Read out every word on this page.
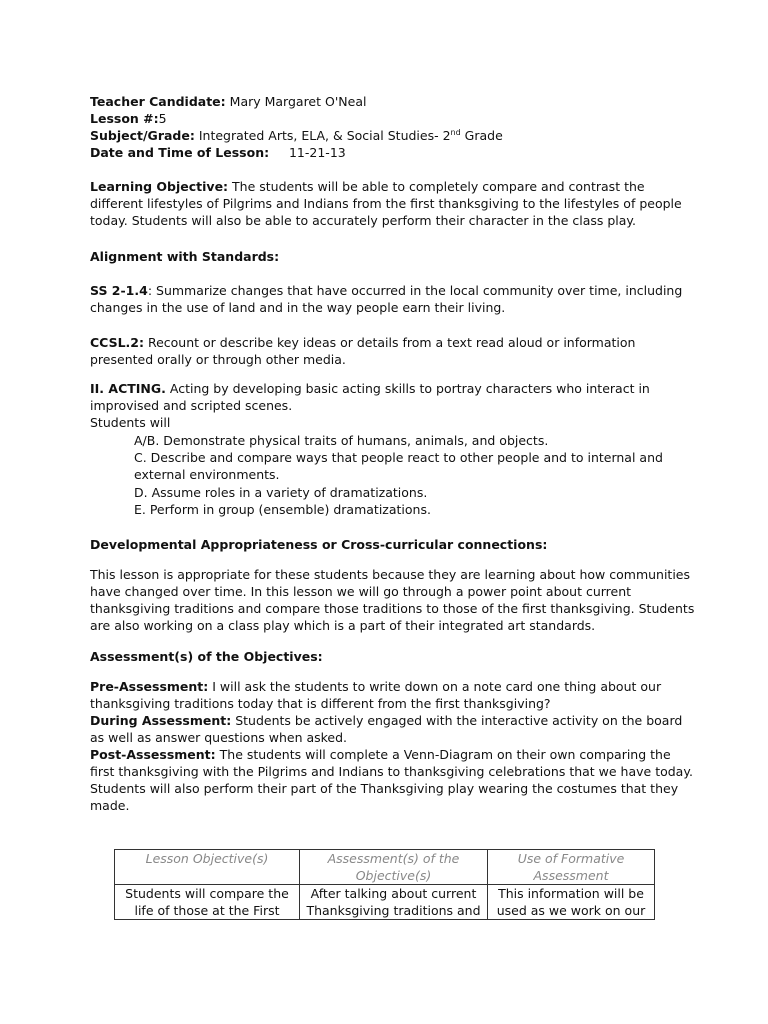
Teacher Candidate: Mary Margaret O'Neal
Lesson #:5
Subject/Grade: Integrated Arts, ELA, & Social Studies- 2nd Grade
Date and Time of Lesson: 11-21-13
Learning Objective: The students will be able to completely compare and contrast the
different lifestyles of Pilgrims and Indians from the first thanksgiving to the lifestyles of people
today. Students will also be able to accurately perform their character in the class play.
Alignment with Standards:
SS 2-1.4: Summarize changes that have occurred in the local community over time, including
changes in the use of land and in the way people earn their living.
CCSL.2: Recount or describe key ideas or details from a text read aloud or information
presented orally or through other media.
II. ACTING. Acting by developing basic acting skills to portray characters who interact in
improvised and scripted scenes.
Students will
A/B. Demonstrate physical traits of humans, animals, and objects.
C. Describe and compare ways that people react to other people and to internal and
external environments.
D. Assume roles in a variety of dramatizations.
E. Perform in group (ensemble) dramatizations.
Developmental Appropriateness or Cross-curricular connections:
This lesson is appropriate for these students because they are learning about how communities
have changed over time. In this lesson we will go through a power point about current
thanksgiving traditions and compare those traditions to those of the first thanksgiving. Students
are also working on a class play which is a part of their integrated art standards.
Assessment(s) of the Objectives:
Pre-Assessment: I will ask the students to write down on a note card one thing about our
thanksgiving traditions today that is different from the first thanksgiving?
During Assessment: Students be actively engaged with the interactive activity on the board
as well as answer questions when asked.
Post-Assessment: The students will complete a Venn-Diagram on their own comparing the
first thanksgiving with the Pilgrims and Indians to thanksgiving celebrations that we have today.
Students will also perform their part of the Thanksgiving play wearing the costumes that they
made.
Lesson Objective(s)	Assessment(s) of the Objective(s)	Use of Formative Assessment
Students will compare the life of those at the First	After talking about current Thanksgiving traditions and	This information will be used as we work on our
